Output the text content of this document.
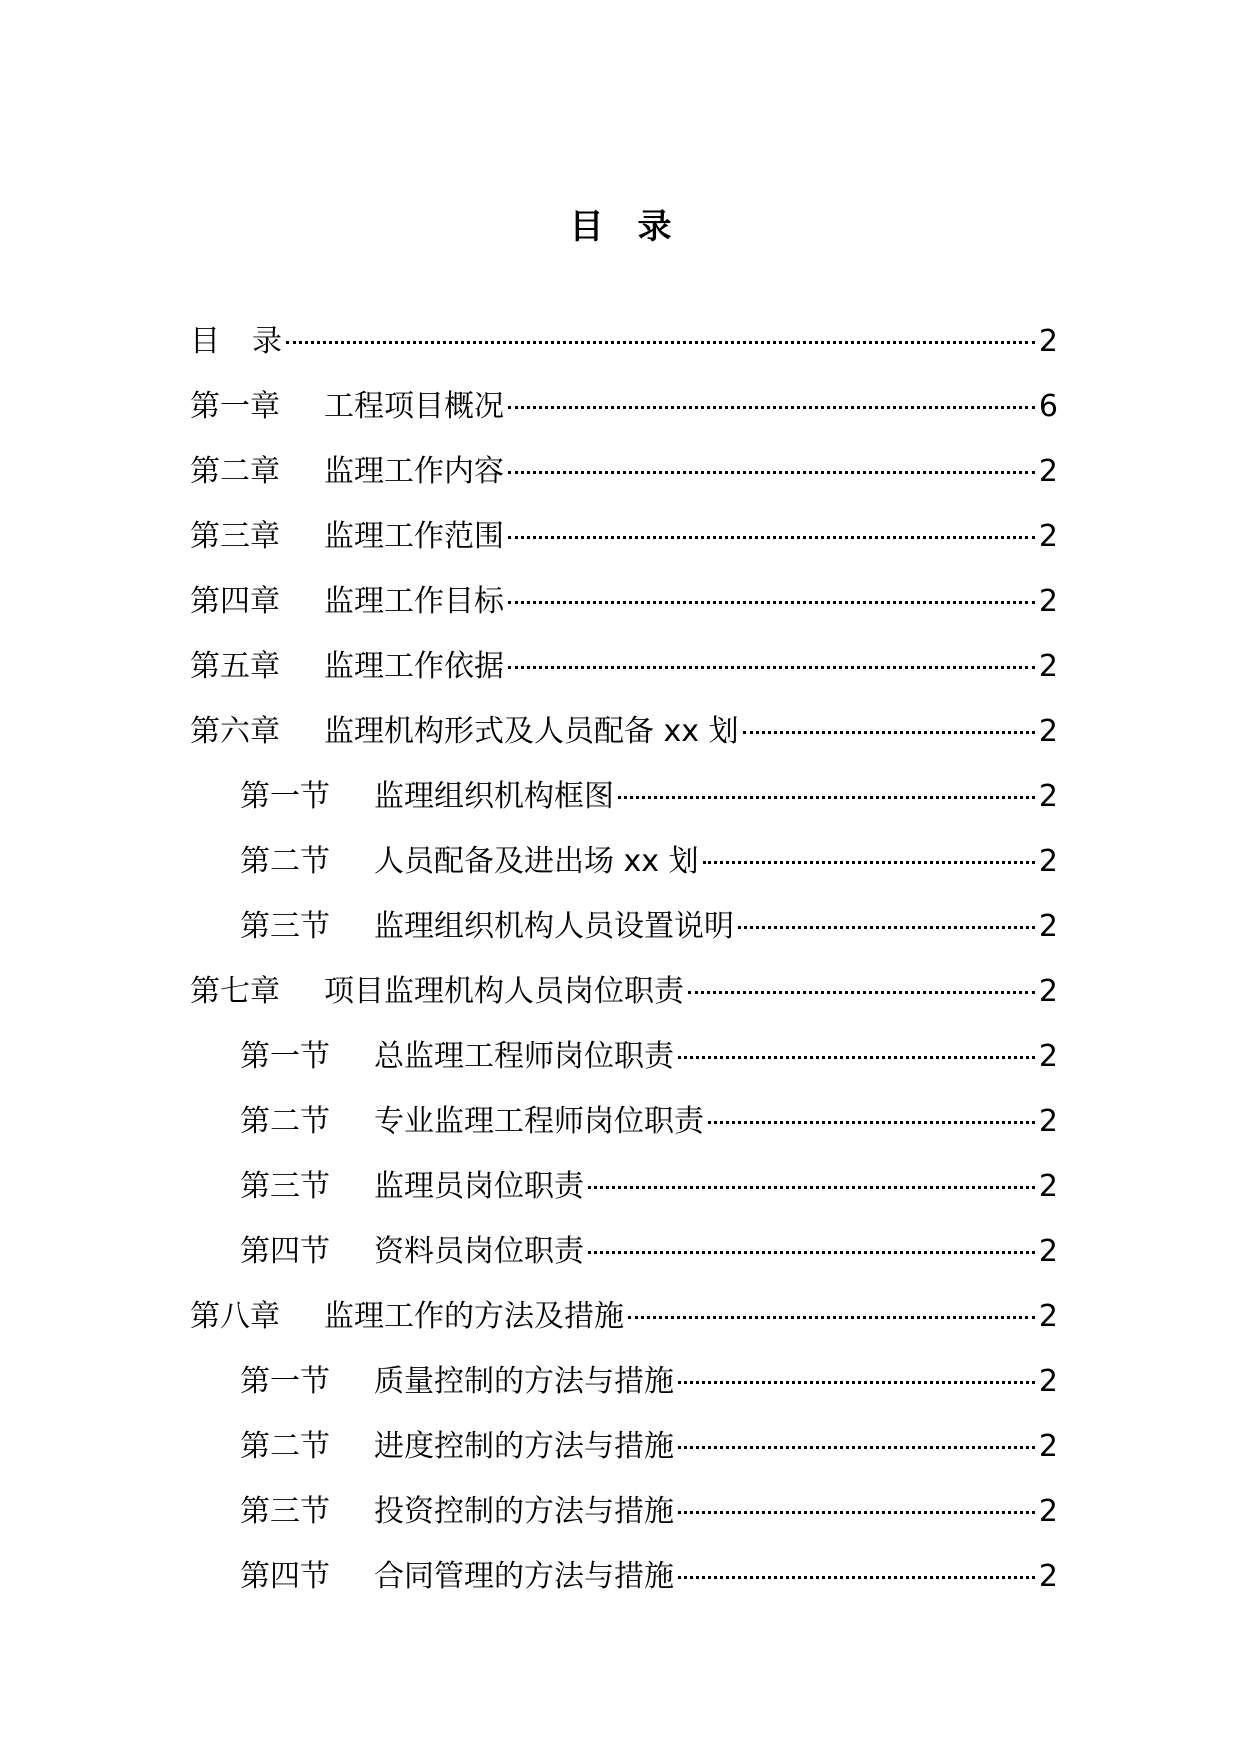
目 录
目	录	2
第一章	工程项目概况	6
第二章	监理工作内容	2
第三章	监理工作范围	2
第四章	监理工作目标	2
第五章	监理工作依据	2
第六章	监理机构形式及人员配备 xx 划	2
第一节	监理组织机构框图	2
第二节	人员配备及进出场 xx 划	2
第三节	监理组织机构人员设置说明	2
第七章	项目监理机构人员岗位职责	2
第一节	总监理工程师岗位职责	2
第二节	专业监理工程师岗位职责	2
第三节	监理员岗位职责	2
第四节	资料员岗位职责	2
第八章	监理工作的方法及措施	2
第一节	质量控制的方法与措施	2
第二节	进度控制的方法与措施	2
第三节	投资控制的方法与措施	2
第四节	合同管理的方法与措施	2
